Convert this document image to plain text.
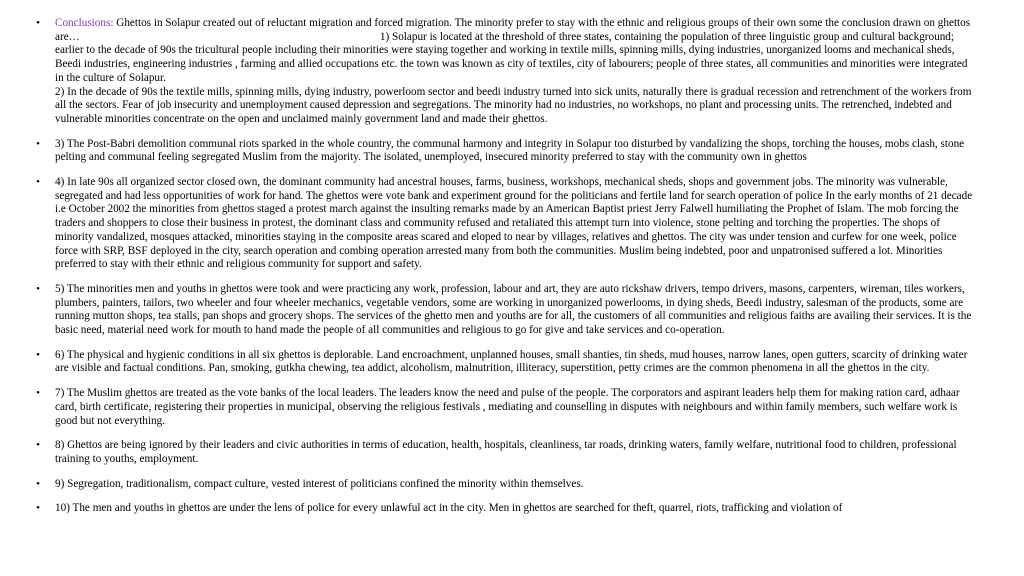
•	Conclusions: Ghettos in Solapur created out of reluctant migration and forced migration. The minority prefer to stay with the ethnic and religious groups of their own some the conclusion drawn on ghettos are…	1) Solapur is located at the threshold of three states, containing the population of three linguistic group and cultural background; earlier to the decade of 90s the tricultural people including their minorities were staying together and working in textile mills, spinning mills, dying industries, unorganized looms and mechanical sheds, Beedi industries, engineering industries , farming and allied occupations etc. the town was known as city of textiles, city of labourers; people of three states, all communities and minorities were integrated in the culture of Solapur.
2) In the decade of 90s the textile mills, spinning mills, dying industry, powerloom sector and beedi industry turned into sick units, naturally there is gradual recession and retrenchment of the workers from all the sectors. Fear of job insecurity and unemployment caused depression and segregations. The minority had no industries, no workshops, no plant and processing units. The retrenched, indebted and vulnerable minorities concentrate on the open and unclaimed mainly government land and made their ghettos.
•	3) The Post-Babri demolition communal riots sparked in the whole country, the communal harmony and integrity in Solapur too disturbed by vandalizing the shops, torching the houses, mobs clash, stone pelting and communal feeling segregated Muslim from the majority. The isolated, unemployed, insecured minority preferred to stay with the community own in ghettos
•	4) In late 90s all organized sector closed own, the dominant community had ancestral houses, farms, business, workshops, mechanical sheds, shops and government jobs. The minority was vulnerable, segregated and had less opportunities of work for hand. The ghettos were vote bank and experiment ground for the politicians and fertile land for search operation of police In the early months of 21 decade i.e October 2002 the minorities from ghettos staged a protest march against the insulting remarks made by an American Baptist priest Jerry Falwell humiliating the Prophet of Islam. The mob forcing the traders and shoppers to close their business in protest, the dominant class and community refused and retaliated this attempt turn into violence, stone pelting and torching the properties. The shops of minority vandalized, mosques attacked, minorities staying in the composite areas scared and eloped to near by villages, relatives and ghettos. The city was under tension and curfew for one week, police force with SRP, BSF deployed in the city, search operation and combing operation arrested many from both the communities. Muslim being indebted, poor and unpatronised suffered a lot. Minorities preferred to stay with their ethnic and religious community for support and safety.
•	5) The minorities men and youths in ghettos were took and were practicing any work, profession, labour and art, they are auto rickshaw drivers, tempo drivers, masons, carpenters, wireman, tiles workers, plumbers, painters, tailors, two wheeler and four wheeler mechanics, vegetable vendors, some are working in unorganized powerlooms, in dying sheds, Beedi industry, salesman of the products, some are running mutton shops, tea stalls, pan shops and grocery shops. The services of the ghetto men and youths are for all, the customers of all communities and religious faiths are availing their services. It is the basic need, material need work for mouth to hand made the people of all communities and religious to go for give and take services and co-operation.
•	6) The physical and hygienic conditions in all six ghettos is deplorable. Land encroachment, unplanned houses, small shanties, tin sheds, mud houses, narrow lanes, open gutters, scarcity of drinking water are visible and factual conditions. Pan, smoking, gutkha chewing, tea addict, alcoholism, malnutrition, illiteracy, superstition, petty crimes are the common phenomena in all the ghettos in the city.
•	7) The Muslim ghettos are treated as the vote banks of the local leaders. The leaders know the need and pulse of the people. The corporators and aspirant leaders help them for making ration card, adhaar card, birth certificate, registering their properties in municipal, observing the religious festivals , mediating and counselling in disputes with neighbours and within family members, such welfare work is good but not everything.
•	8) Ghettos are being ignored by their leaders and civic authorities in terms of education, health, hospitals, cleanliness, tar roads, drinking waters, family welfare, nutritional food to children, professional training to youths, employment.
•	9) Segregation, traditionalism, compact culture, vested interest of politicians confined the minority within themselves.
•	10) The men and youths in ghettos are under the lens of police for every unlawful act in the city. Men in ghettos are searched for theft, quarrel, riots, trafficking and violation of
